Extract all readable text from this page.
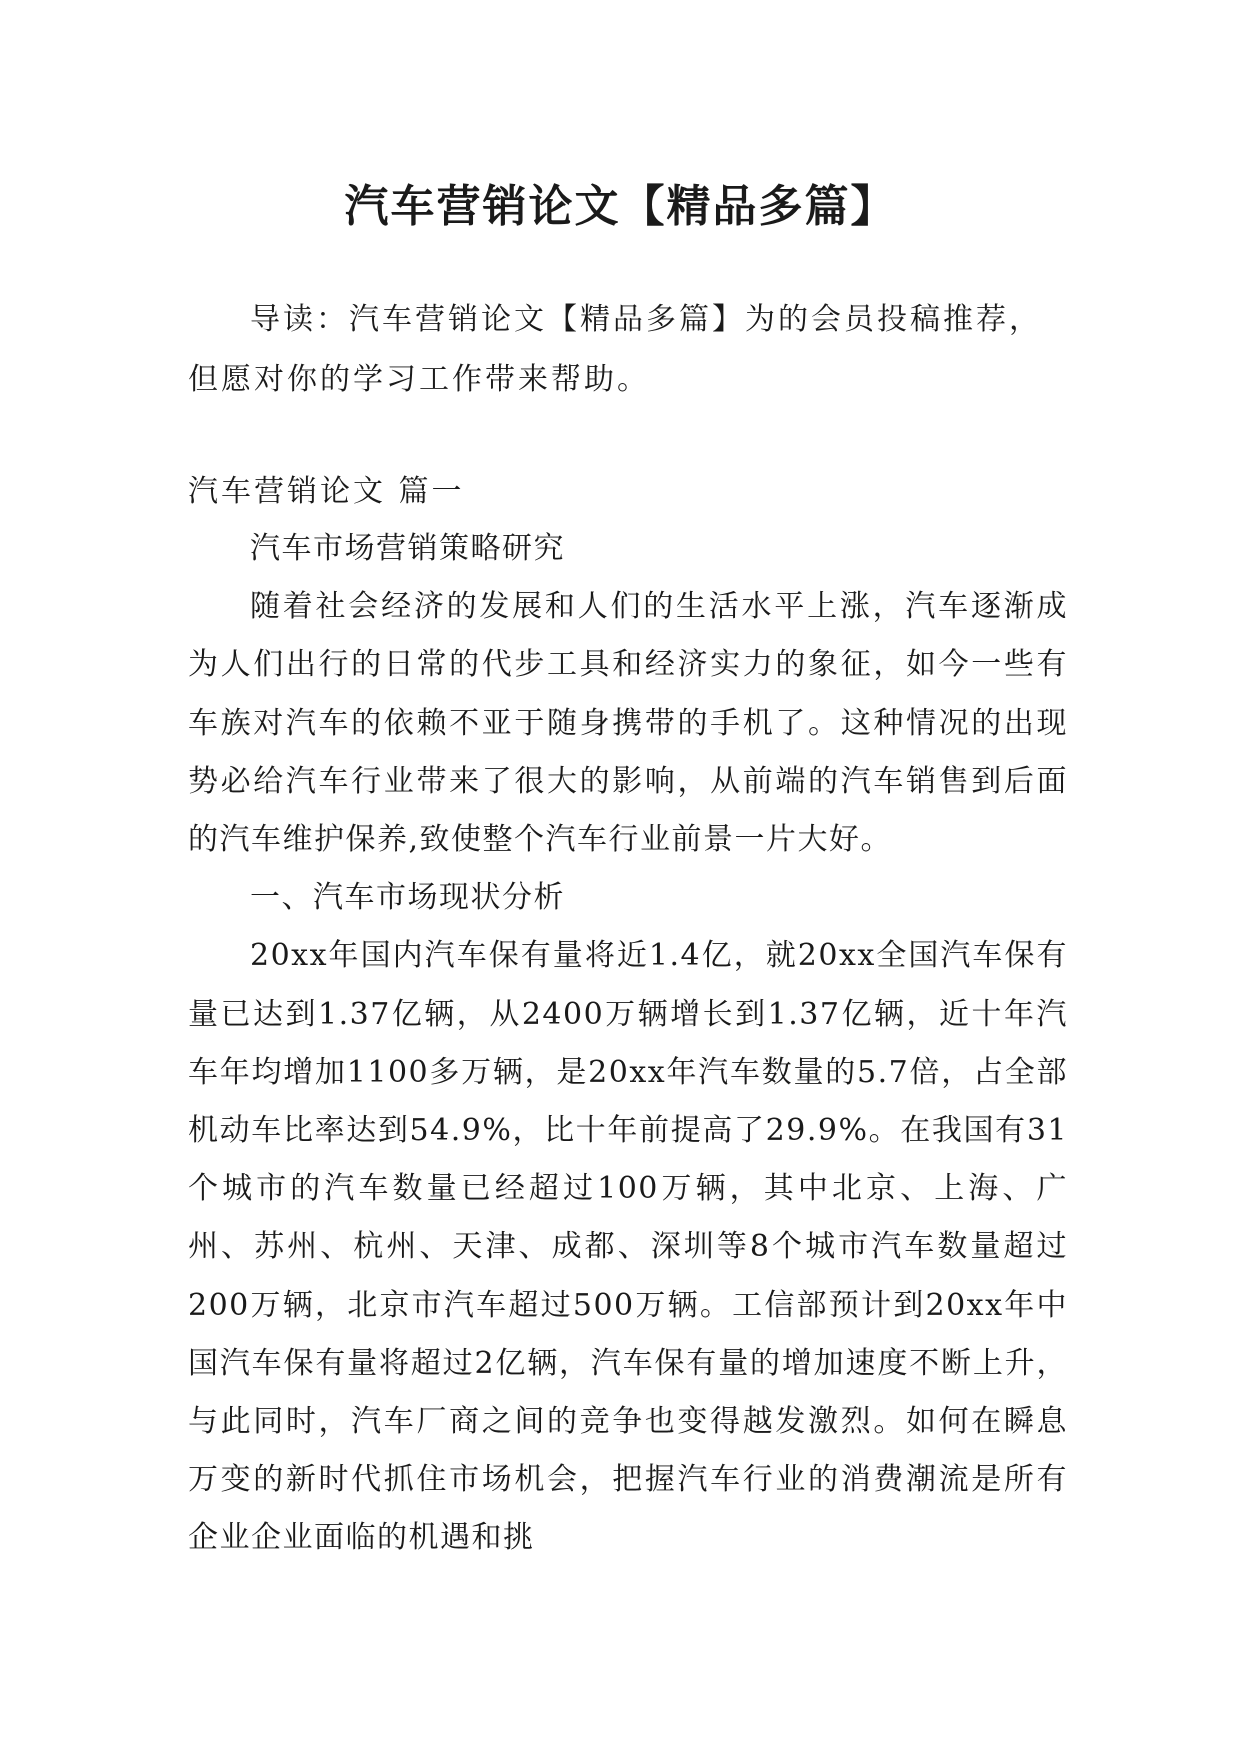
汽车营销论文【精品多篇】

导读：汽车营销论文【精品多篇】为的会员投稿推荐，但愿对你的学习工作带来帮助。

汽车营销论文 篇一

汽车市场营销策略研究

随着社会经济的发展和人们的生活水平上涨，汽车逐渐成为人们出行的日常的代步工具和经济实力的象征，如今一些有车族对汽车的依赖不亚于随身携带的手机了。这种情况的出现势必给汽车行业带来了很大的影响，从前端的汽车销售到后面的汽车维护保养,致使整个汽车行业前景一片大好。

一、汽车市场现状分析

20xx年国内汽车保有量将近1.4亿，就20xx全国汽车保有量已达到1.37亿辆，从2400万辆增长到1.37亿辆，近十年汽车年均增加1100多万辆，是20xx年汽车数量的5.7倍，占全部机动车比率达到54.9%，比十年前提高了29.9%。在我国有31个城市的汽车数量已经超过100万辆，其中北京、上海、广州、苏州、杭州、天津、成都、深圳等8个城市汽车数量超过200万辆，北京市汽车超过500万辆。工信部预计到20xx年中国汽车保有量将超过2亿辆，汽车保有量的增加速度不断上升，与此同时，汽车厂商之间的竞争也变得越发激烈。如何在瞬息万变的新时代抓住市场机会，把握汽车行业的消费潮流是所有企业企业面临的机遇和挑
